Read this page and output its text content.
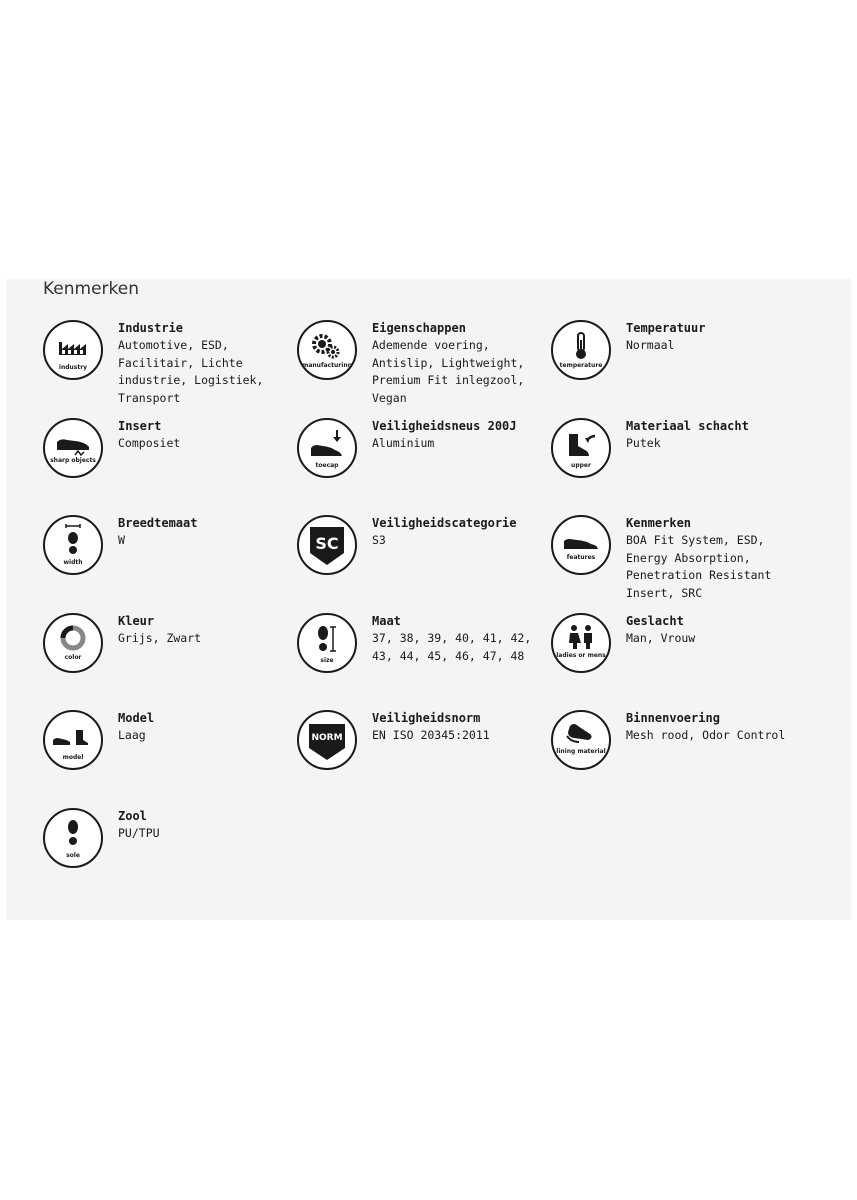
Kenmerken
industry
Industrie
Automotive, ESD, Facilitair, Lichte industrie, Logistiek, Transport
manufacturing
Eigenschappen
Ademende voering, Antislip, Lightweight, Premium Fit inlegzool, Vegan
temperature
Temperatuur
Normaal
sharp objects
Insert
Composiet
toecap
Veiligheidsneus 200J
Aluminium
upper
Materiaal schacht
Putek
width
Breedtemaat
W	SC
Veiligheidscategorie
S3
features
Kenmerken
BOA Fit System, ESD, Energy Absorption, Penetration Resistant Insert, SRC
color
Kleur
Grijs, Zwart
size
Maat
37, 38, 39, 40, 41, 42, 43, 44, 45, 46, 47, 48	ladies or mens
Geslacht
Man, Vrouw
model
Model
Laag	NORM
Veiligheidsnorm
EN ISO 20345:2011
lining material
Binnenvoering
Mesh rood, Odor Control
sole
Zool
PU/TPU
